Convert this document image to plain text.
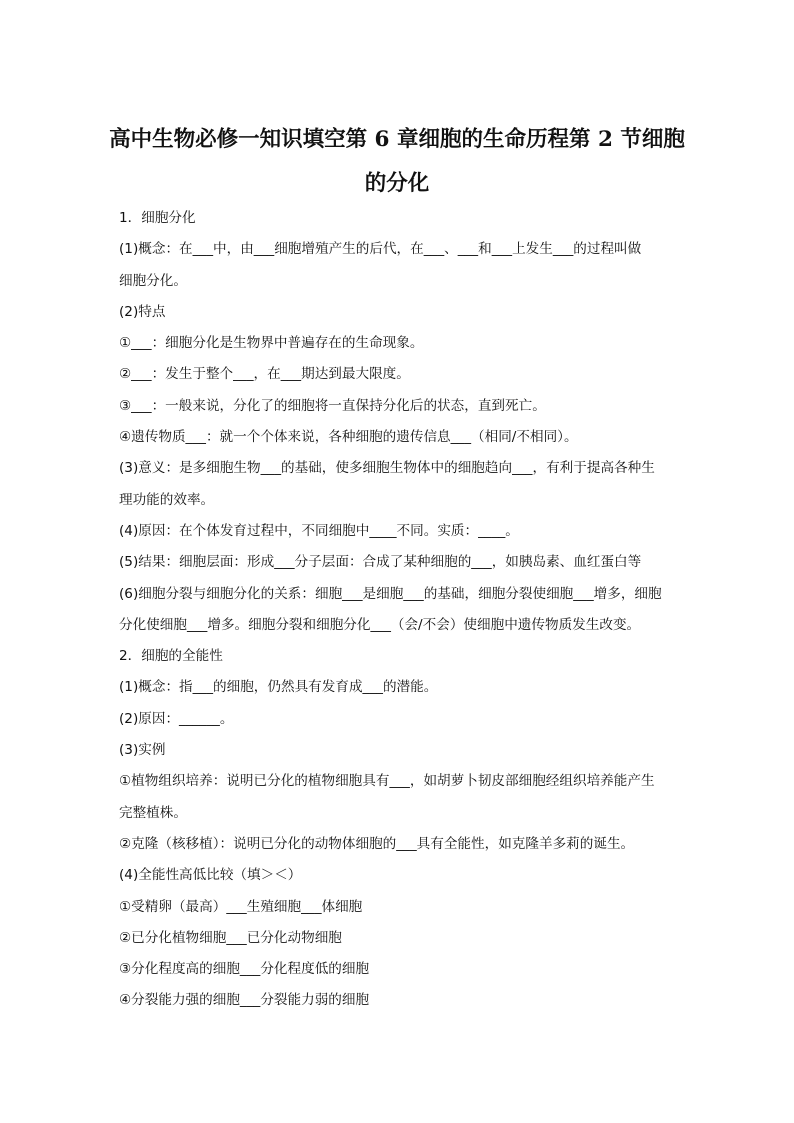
高中生物必修一知识填空第 6 章细胞的生命历程第 2 节细胞
的分化
1．细胞分化
(1)概念：在___中，由___细胞增殖产生的后代，在___、___和___上发生___的过程叫做
细胞分化。
(2)特点
①___：细胞分化是生物界中普遍存在的生命现象。
②___：发生于整个___，在___期达到最大限度。
③___：一般来说，分化了的细胞将一直保持分化后的状态，直到死亡。
④遗传物质___：就一个个体来说，各种细胞的遗传信息___（相同/不相同）。
(3)意义：是多细胞生物___的基础，使多细胞生物体中的细胞趋向___，有利于提高各种生
理功能的效率。
(4)原因：在个体发育过程中，不同细胞中____不同。实质：____。
(5)结果：细胞层面：形成___分子层面：合成了某种细胞的___，如胰岛素、血红蛋白等
(6)细胞分裂与细胞分化的关系：细胞___是细胞___的基础，细胞分裂使细胞___增多，细胞
分化使细胞___增多。细胞分裂和细胞分化___（会/不会）使细胞中遗传物质发生改变。
2．细胞的全能性
(1)概念：指___的细胞，仍然具有发育成___的潜能。
(2)原因：______。
(3)实例
①植物组织培养：说明已分化的植物细胞具有___，如胡萝卜韧皮部细胞经组织培养能产生
完整植株。
②克隆（核移植）：说明已分化的动物体细胞的___具有全能性，如克隆羊多莉的诞生。
(4)全能性高低比较（填＞＜）
①受精卵（最高）___生殖细胞___体细胞
②已分化植物细胞___已分化动物细胞
③分化程度高的细胞___分化程度低的细胞
④分裂能力强的细胞___分裂能力弱的细胞
